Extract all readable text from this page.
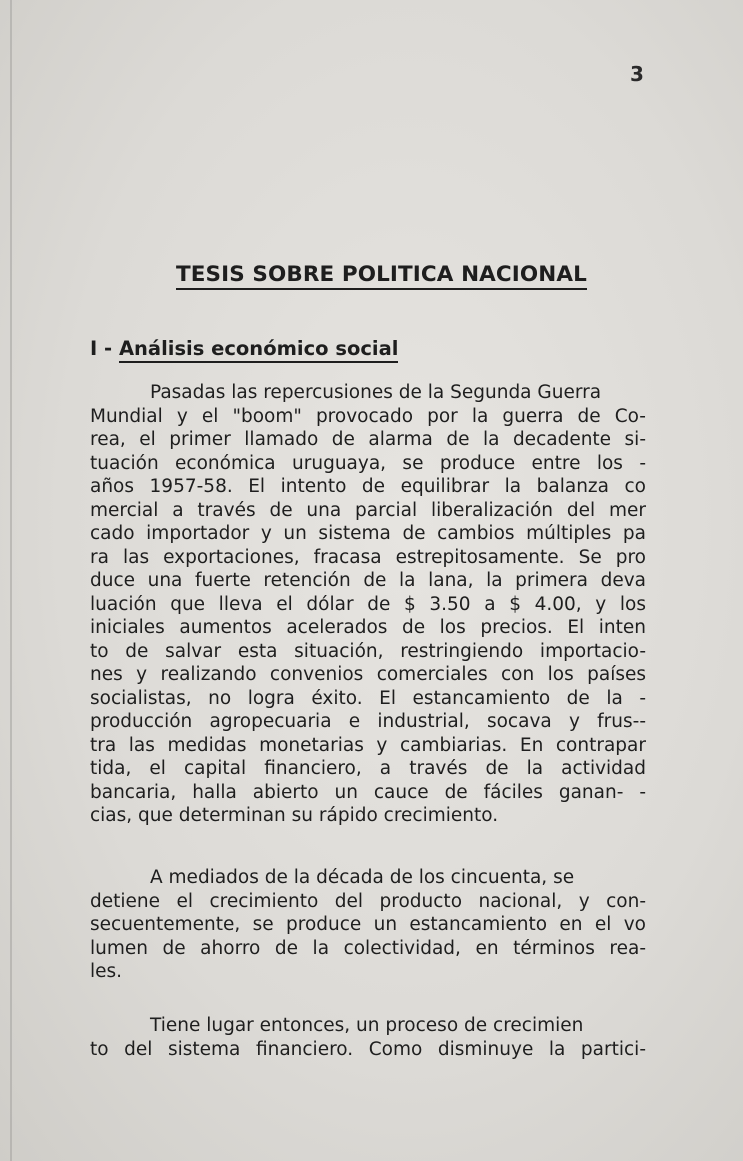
3
TESIS SOBRE POLITICA NACIONAL
I - Análisis económico social
Pasadas las repercusiones de la Segunda Guerra
Mundial y el "boom" provocado por la guerra de Co-
rea, el primer llamado de alarma de la decadente si-
tuación económica uruguaya, se produce entre los -
años 1957-58. El intento de equilibrar la balanza co
mercial a través de una parcial liberalización del mer
cado importador y un sistema de cambios múltiples pa
ra las exportaciones, fracasa estrepitosamente. Se pro
duce una fuerte retención de la lana, la primera deva
luación que lleva el dólar de $ 3.50 a $ 4.00, y los
iniciales aumentos acelerados de los precios. El inten
to de salvar esta situación, restringiendo importacio-
nes y realizando convenios comerciales con los países
socialistas, no logra éxito. El estancamiento de la -
producción agropecuaria e industrial, socava y frus--
tra las medidas monetarias y cambiarias. En contrapar
tida, el capital financiero, a través de la actividad
bancaria, halla abierto un cauce de fáciles ganan- -
cias, que determinan su rápido crecimiento.
A mediados de la década de los cincuenta, se
detiene el crecimiento del producto nacional, y con-
secuentemente, se produce un estancamiento en el vo
lumen de ahorro de la colectividad, en términos rea-
les.
Tiene lugar entonces, un proceso de crecimien
to del sistema financiero. Como disminuye la partici-
